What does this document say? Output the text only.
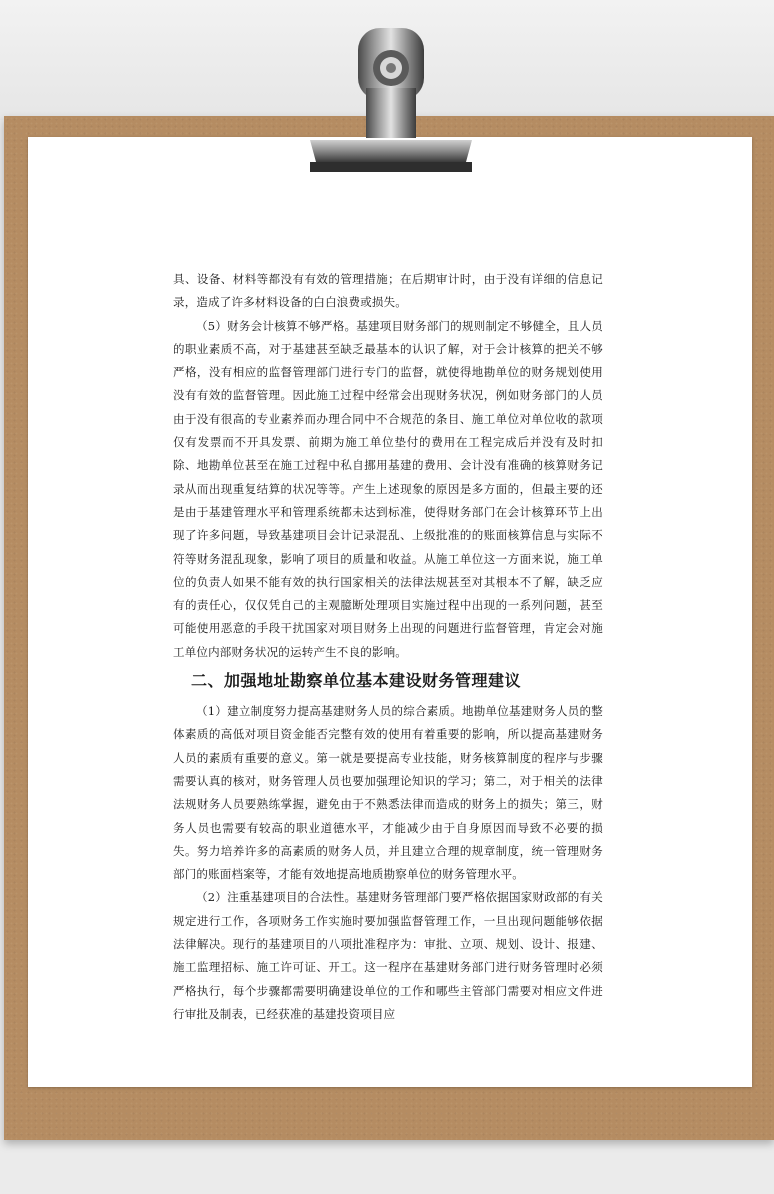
具、设备、材料等都没有有效的管理措施；在后期审计时，由于没有详细的信息记录，造成了许多材料设备的白白浪费或损失。

（5）财务会计核算不够严格。基建项目财务部门的规则制定不够健全，且人员的职业素质不高，对于基建甚至缺乏最基本的认识了解，对于会计核算的把关不够严格，没有相应的监督管理部门进行专门的监督，就使得地勘单位的财务规划使用没有有效的监督管理。因此施工过程中经常会出现财务状况，例如财务部门的人员由于没有很高的专业素养而办理合同中不合规范的条目、施工单位对单位收的款项仅有发票而不开具发票、前期为施工单位垫付的费用在工程完成后并没有及时扣除、地勘单位甚至在施工过程中私自挪用基建的费用、会计没有准确的核算财务记录从而出现重复结算的状况等等。产生上述现象的原因是多方面的，但最主要的还是由于基建管理水平和管理系统都未达到标准，使得财务部门在会计核算环节上出现了许多问题，导致基建项目会计记录混乱、上级批准的的账面核算信息与实际不符等财务混乱现象，影响了项目的质量和收益。从施工单位这一方面来说，施工单位的负责人如果不能有效的执行国家相关的法律法规甚至对其根本不了解，缺乏应有的责任心，仅仅凭自己的主观臆断处理项目实施过程中出现的一系列问题，甚至可能使用恶意的手段干扰国家对项目财务上出现的问题进行监督管理，肯定会对施工单位内部财务状况的运转产生不良的影响。

二、加强地址勘察单位基本建设财务管理建议

（1）建立制度努力提高基建财务人员的综合素质。地勘单位基建财务人员的整体素质的高低对项目资金能否完整有效的使用有着重要的影响，所以提高基建财务人员的素质有重要的意义。第一就是要提高专业技能，财务核算制度的程序与步骤需要认真的核对，财务管理人员也要加强理论知识的学习；第二，对于相关的法律法规财务人员要熟练掌握，避免由于不熟悉法律而造成的财务上的损失；第三，财务人员也需要有较高的职业道德水平，才能减少由于自身原因而导致不必要的损失。努力培养许多的高素质的财务人员，并且建立合理的规章制度，统一管理财务部门的账面档案等，才能有效地提高地质勘察单位的财务管理水平。

（2）注重基建项目的合法性。基建财务管理部门要严格依据国家财政部的有关规定进行工作，各项财务工作实施时要加强监督管理工作，一旦出现问题能够依据法律解决。现行的基建项目的八项批准程序为：审批、立项、规划、设计、报建、施工监理招标、施工许可证、开工。这一程序在基建财务部门进行财务管理时必须严格执行，每个步骤都需要明确建设单位的工作和哪些主管部门需要对相应文件进行审批及制表，已经获准的基建投资项目应
